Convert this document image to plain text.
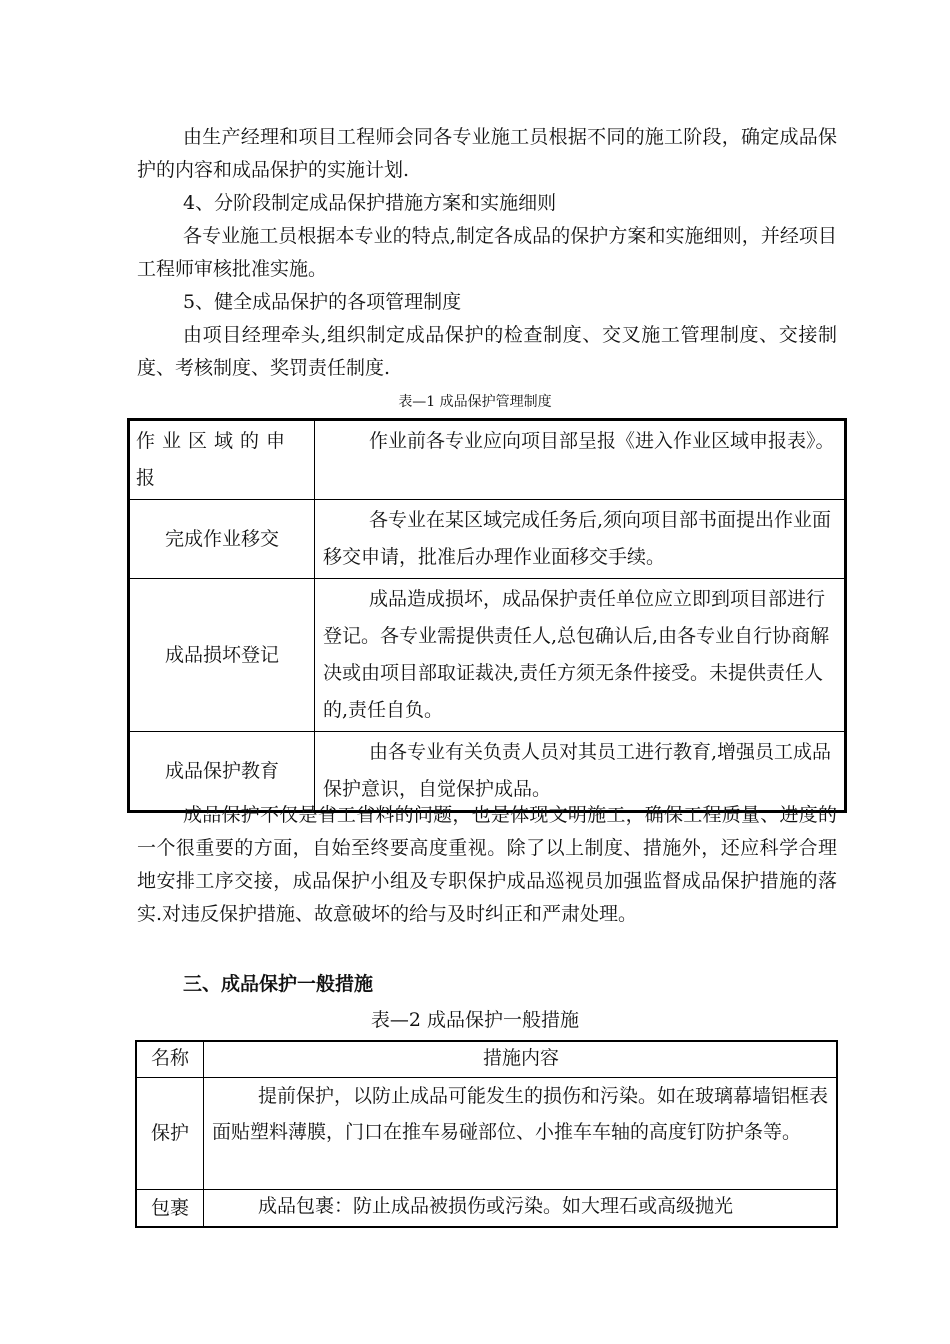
由生产经理和项目工程师会同各专业施工员根据不同的施工阶段，确定成品保护的内容和成品保护的实施计划.

4、分阶段制定成品保护措施方案和实施细则

各专业施工员根据本专业的特点,制定各成品的保护方案和实施细则，并经项目工程师审核批准实施。

5、健全成品保护的各项管理制度

由项目经理牵头,组织制定成品保护的检查制度、交叉施工管理制度、交接制度、考核制度、奖罚责任制度.

表—1 成品保护管理制度
作业区域的申报	作业前各专业应向项目部呈报《进入作业区域申报表》。
完成作业移交	各专业在某区域完成任务后,须向项目部书面提出作业面移交申请，批准后办理作业面移交手续。
成品损坏登记	成品造成损坏，成品保护责任单位应立即到项目部进行登记。各专业需提供责任人,总包确认后,由各专业自行协商解决或由项目部取证裁决,责任方须无条件接受。未提供责任人的,责任自负。
成品保护教育	由各专业有关负责人员对其员工进行教育,增强员工成品保护意识，自觉保护成品。

成品保护不仅是省工省料的问题，也是体现文明施工，确保工程质量、进度的一个很重要的方面，自始至终要高度重视。除了以上制度、措施外，还应科学合理地安排工序交接，成品保护小组及专职保护成品巡视员加强监督成品保护措施的落实.对违反保护措施、故意破坏的给与及时纠正和严肃处理。

三、成品保护一般措施

表—2 成品保护一般措施
名称	措施内容
保护	提前保护，以防止成品可能发生的损伤和污染。如在玻璃幕墙铝框表面贴塑料薄膜，门口在推车易碰部位、小推车车轴的高度钉防护条等。
包裹	成品包裹：防止成品被损伤或污染。如大理石或高级抛光
